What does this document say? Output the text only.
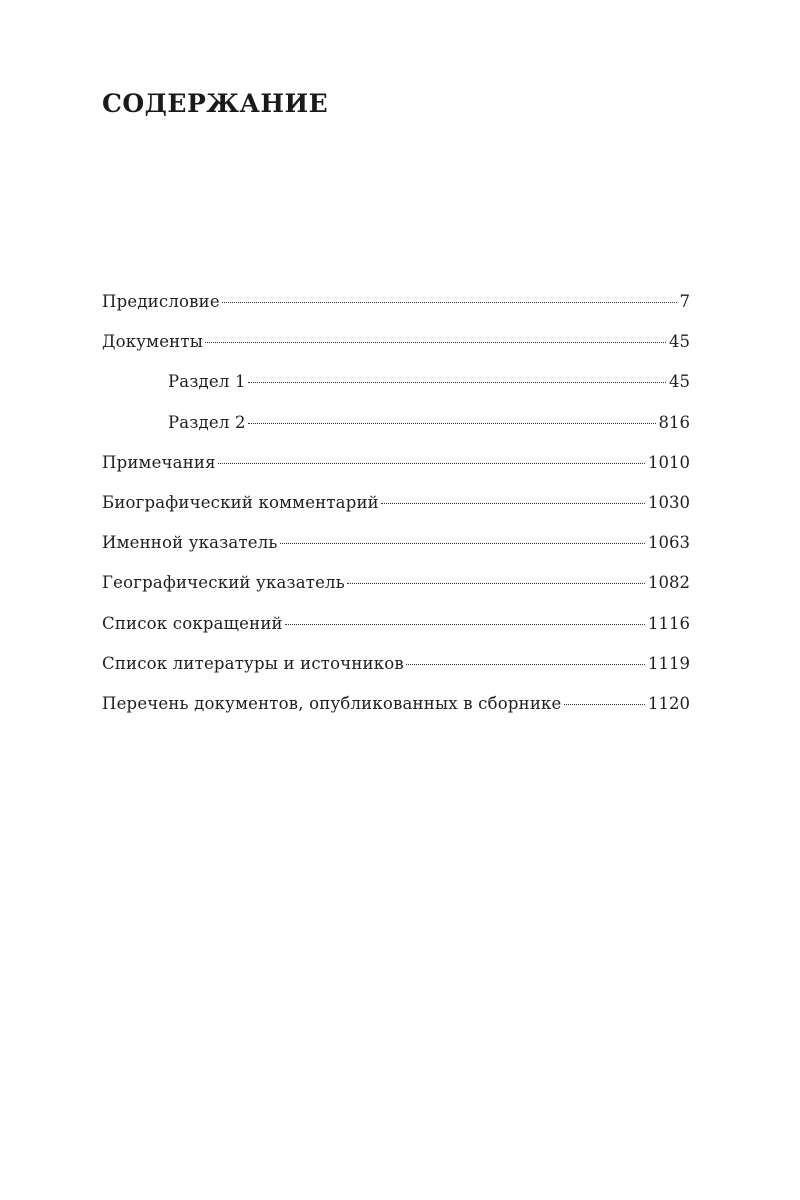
СОДЕРЖАНИЕ
Предисловие	7
Документы	45
Раздел 1	45
Раздел 2	816
Примечания	1010
Биографический комментарий	1030
Именной указатель	1063
Географический указатель	1082
Список сокращений	1116
Список литературы и источников	1119
Перечень документов, опубликованных в сборнике	1120
